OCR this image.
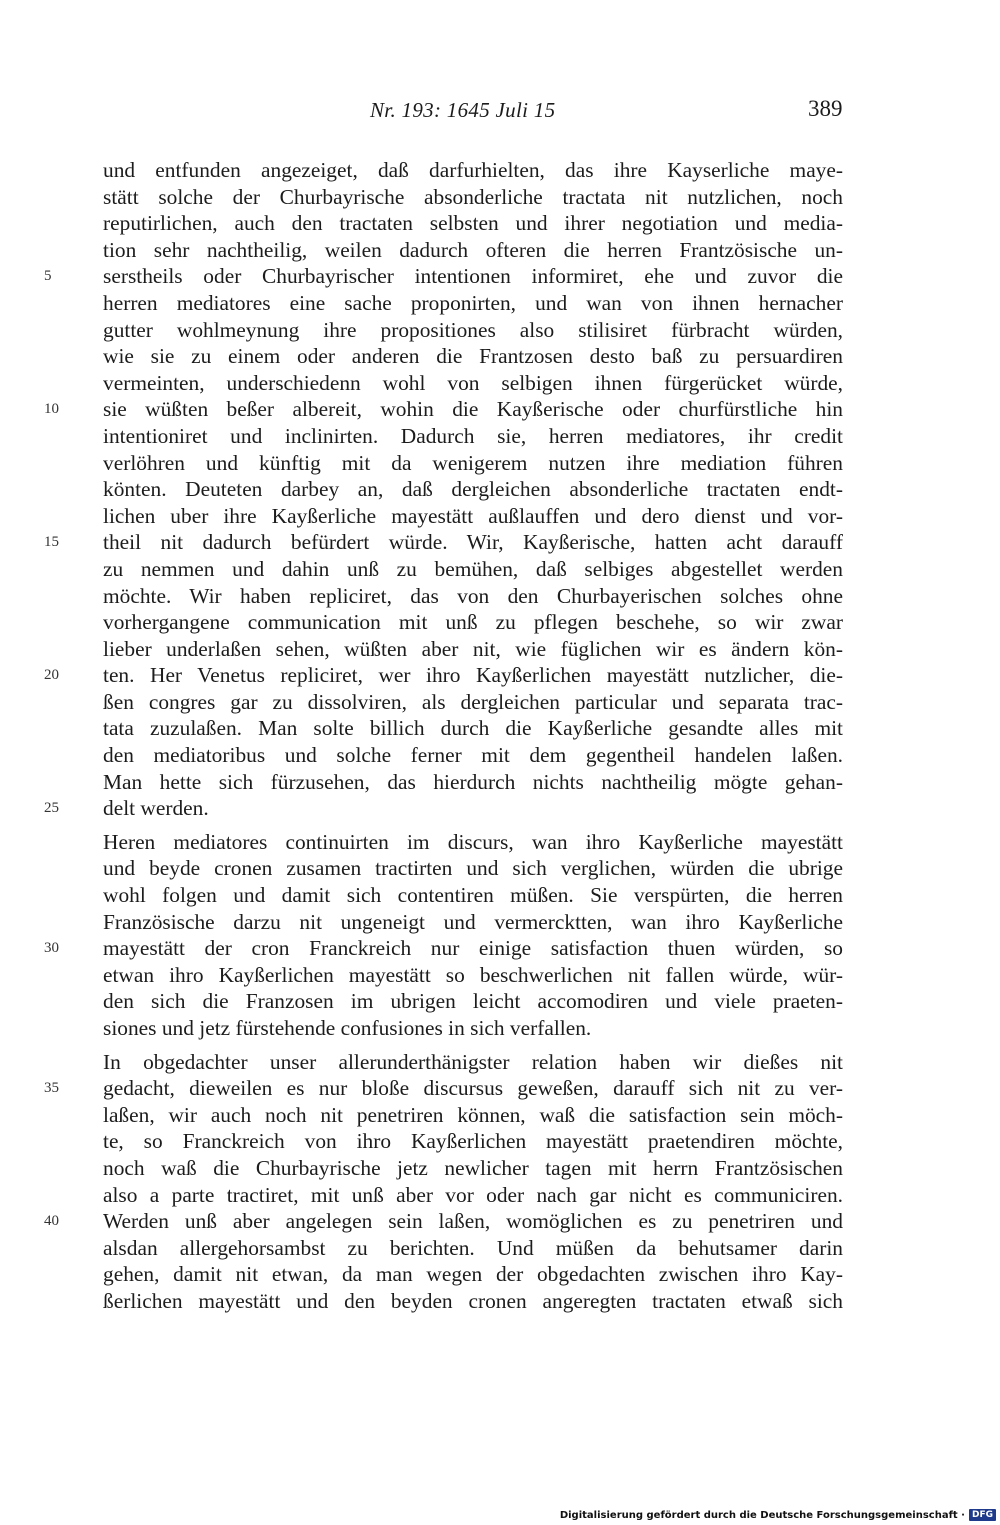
Nr. 193: 1645 Juli 15	389
und entfunden angezeiget, daß darfurhielten, das ihre Kayserliche maye-
stätt solche der Churbayrische absonderliche tractata nit nutzlichen, noch
reputirlichen, auch den tractaten selbsten und ihrer negotiation und media-
tion sehr nachtheilig, weilen dadurch ofteren die herren Frantzösische un-
serstheils oder Churbayrischer intentionen informiret, ehe und zuvor die
herren mediatores eine sache proponirten, und wan von ihnen hernacher
gutter wohlmeynung ihre propositiones also stilisiret fürbracht würden,
wie sie zu einem oder anderen die Frantzosen desto baß zu persuardiren
vermeinten, underschiedenn wohl von selbigen ihnen fürgerücket würde,
sie wüßten beßer albereit, wohin die Kayßerische oder churfürstliche hin
intentioniret und inclinirten. Dadurch sie, herren mediatores, ihr credit
verlöhren und künftig mit da wenigerem nutzen ihre mediation führen
könten. Deuteten darbey an, daß dergleichen absonderliche tractaten endt-
lichen uber ihre Kayßerliche mayestätt außlauffen und dero dienst und vor-
theil nit dadurch befürdert würde. Wir, Kayßerische, hatten acht darauff
zu nemmen und dahin unß zu bemühen, daß selbiges abgestellet werden
möchte. Wir haben repliciret, das von den Churbayerischen solches ohne
vorhergangene communication mit unß zu pflegen beschehe, so wir zwar
lieber underlaßen sehen, wüßten aber nit, wie füglichen wir es ändern kön-
ten. Her Venetus repliciret, wer ihro Kayßerlichen mayestätt nutzlicher, die-
ßen congres gar zu dissolviren, als dergleichen particular und separata trac-
tata zuzulaßen. Man solte billich durch die Kayßerliche gesandte alles mit
den mediatoribus und solche ferner mit dem gegentheil handelen laßen.
Man hette sich fürzusehen, das hierdurch nichts nachtheilig mögte gehan-
delt werden.
Heren mediatores continuirten im discurs, wan ihro Kayßerliche mayestätt
und beyde cronen zusamen tractirten und sich verglichen, würden die ubrige
wohl folgen und damit sich contentiren müßen. Sie verspürten, die herren
Französische darzu nit ungeneigt und vermercktten, wan ihro Kayßerliche
mayestätt der cron Franckreich nur einige satisfaction thuen würden, so
etwan ihro Kayßerlichen mayestätt so beschwerlichen nit fallen würde, wür-
den sich die Franzosen im ubrigen leicht accomodiren und viele praeten-
siones und jetz fürstehende confusiones in sich verfallen.
In obgedachter unser allerunderthänigster relation haben wir dießes nit
gedacht, dieweilen es nur bloße discursus geweßen, darauff sich nit zu ver-
laßen, wir auch noch nit penetriren können, waß die satisfaction sein möch-
te, so Franckreich von ihro Kayßerlichen mayestätt praetendiren möchte,
noch waß die Churbayrische jetz newlicher tagen mit herrn Frantzösischen
also a parte tractiret, mit unß aber vor oder nach gar nicht es communiciren.
Werden unß aber angelegen sein laßen, womöglichen es zu penetriren und
alsdan allergehorsambst zu berichten. Und müßen da behutsamer darin
gehen, damit nit etwan, da man wegen der obgedachten zwischen ihro Kay-
ßerlichen mayestätt und den beyden cronen angeregten tractaten etwaß sich
Digitalisierung gefördert durch die Deutsche Forschungsgemeinschaft · DFG
5
10
15
20
25
30
35
40
